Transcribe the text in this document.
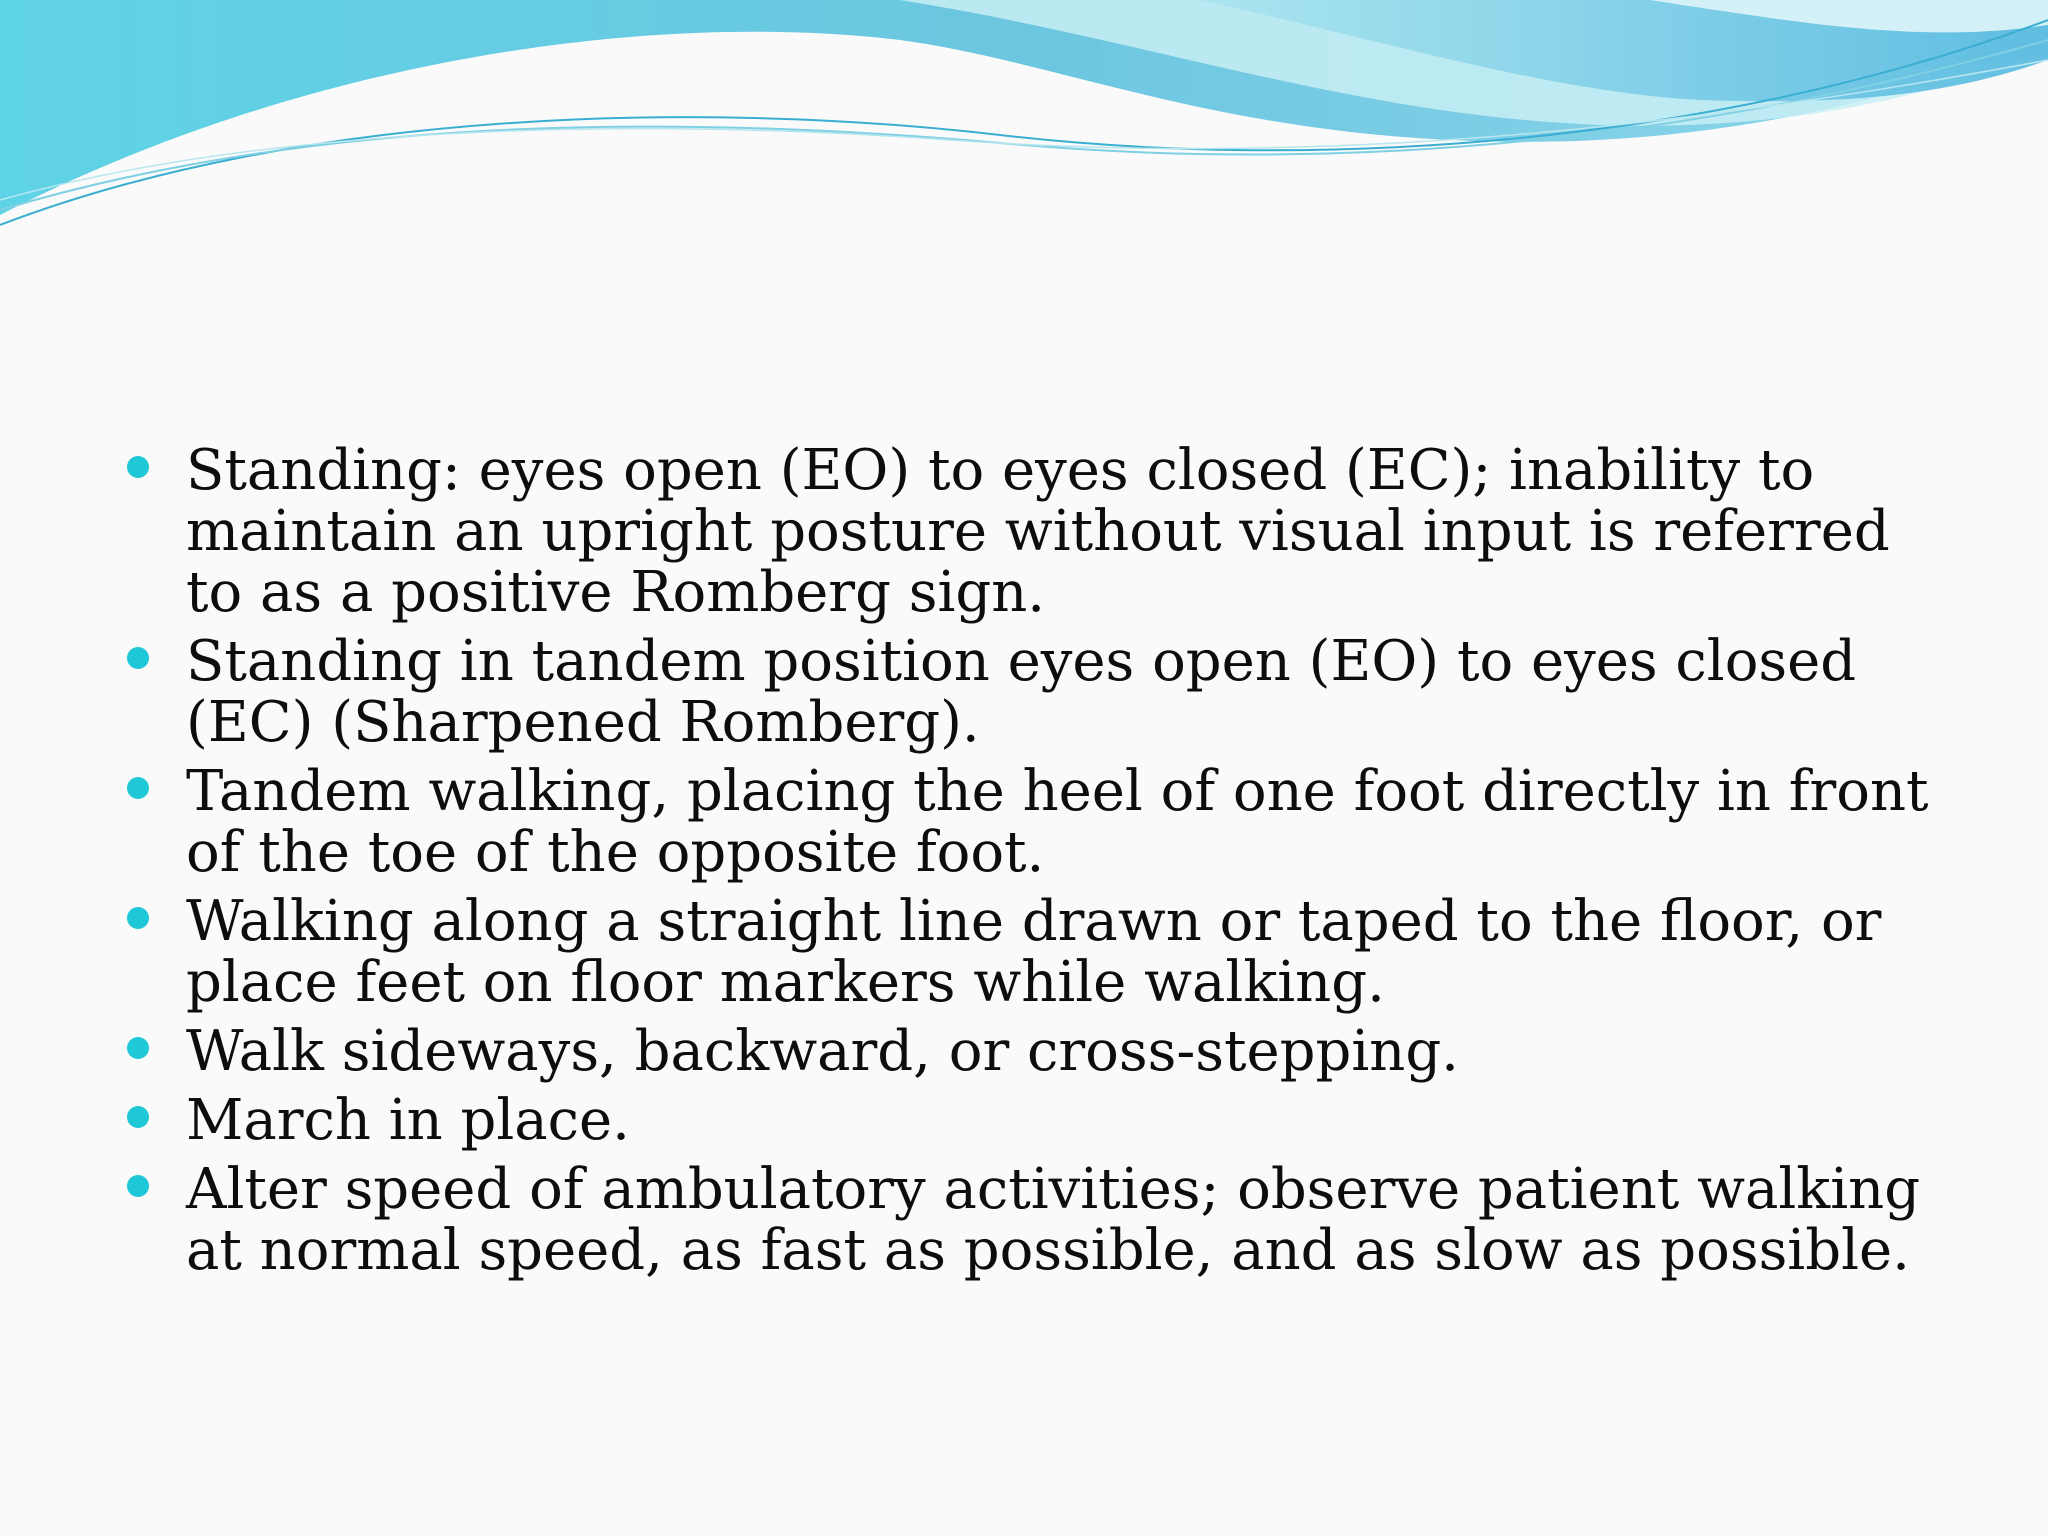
Standing: eyes open (EO) to eyes closed (EC); inability to maintain an upright posture without visual input is referred to as a positive Romberg sign.
Standing in tandem position eyes open (EO) to eyes closed (EC) (Sharpened Romberg).
Tandem walking, placing the heel of one foot directly in front of the toe of the opposite foot.
Walking along a straight line drawn or taped to the floor, or place feet on floor markers while walking.
Walk sideways, backward, or cross-stepping.
March in place.
Alter speed of ambulatory activities; observe patient walking at normal speed, as fast as possible, and as slow as possible.
